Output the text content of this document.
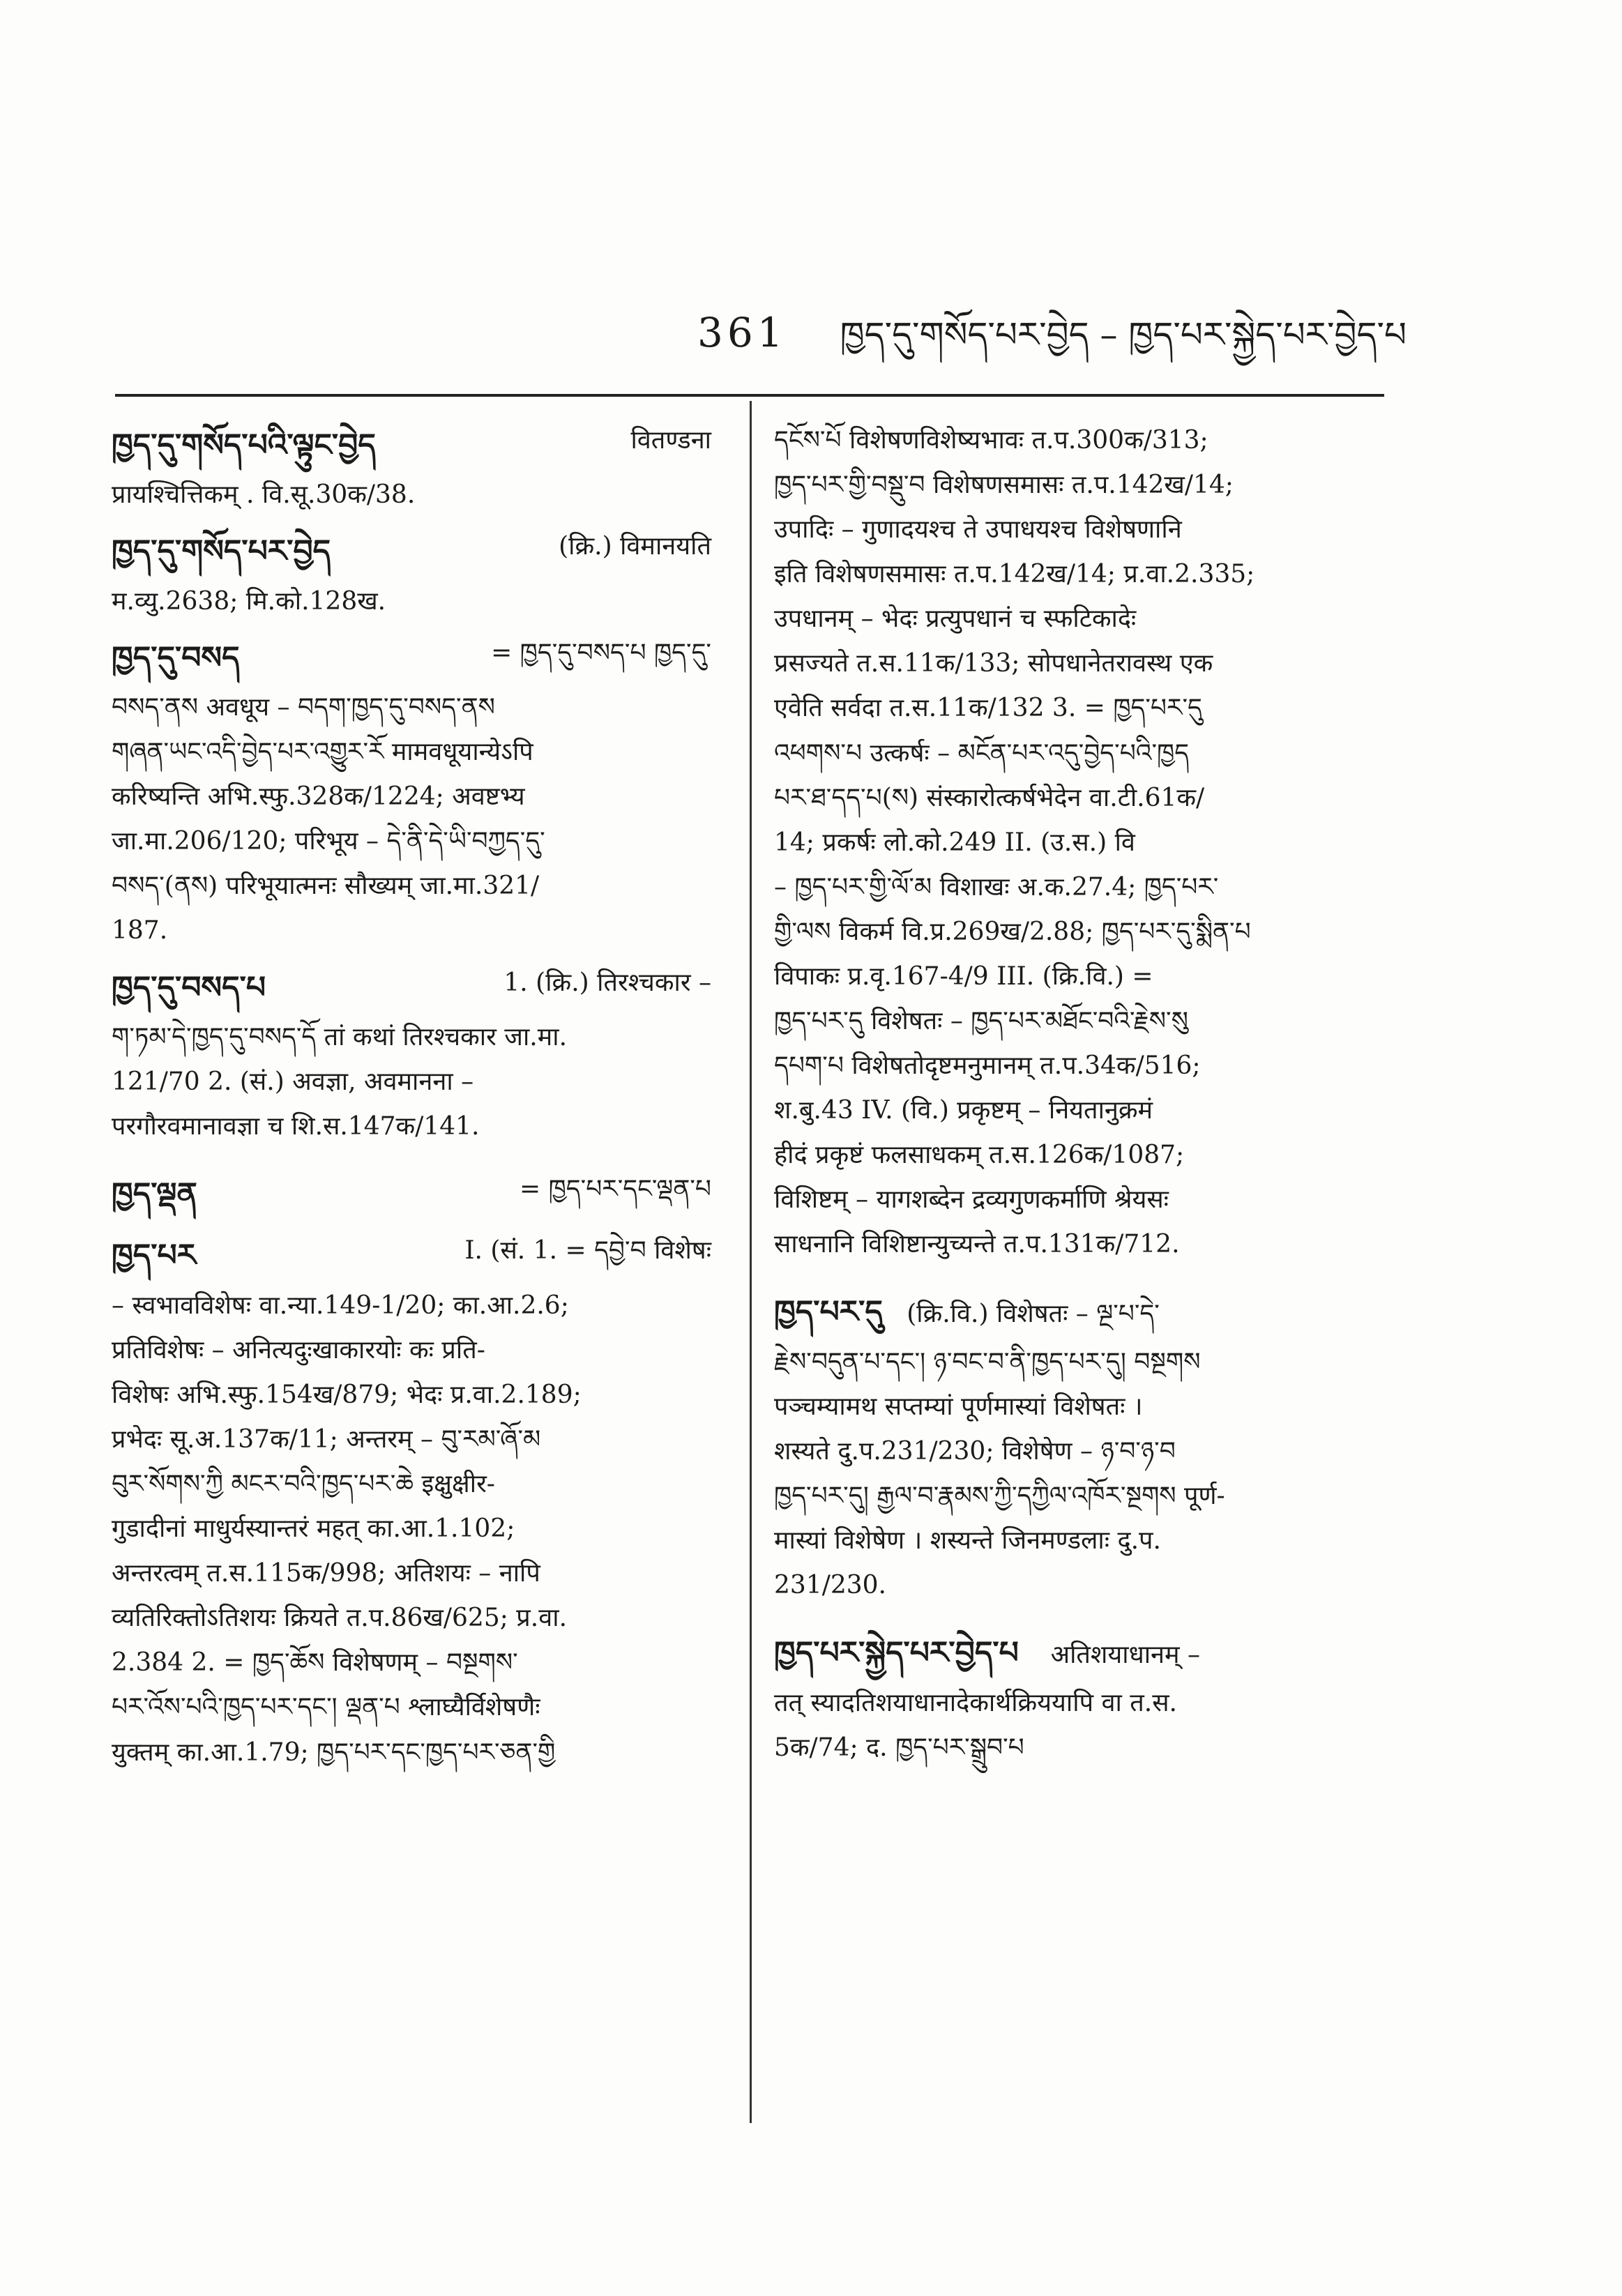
361 ཁྱད་དུ་གསོད་པར་བྱེད – ཁྱད་པར་སྐྱེད་པར་བྱེད་པ
ཁྱད་དུ་གསོད་པའི་ལྟུང་བྱེད	वितण्डना
प्रायश्चित्तिकम् . वि.सू.30क/38.
ཁྱད་དུ་གསོད་པར་བྱེད	(क्रि.) विमानयति
म.व्यु.2638; मि.को.128ख.
ཁྱད་དུ་བསད	= ཁྱད་དུ་བསད་པ ཁྱད་དུ་
བསད་ནས अवधूय – བདག་ཁྱད་དུ་བསད་ནས
གཞན་ཡང་འདི་བྱེད་པར་འགྱུར་རོ मामवधूयान्येऽपि
करिष्यन्ति अभि.स्फु.328क/1224; अवष्टभ्य
जा.मा.206/120; परिभूय – དེ་ནི་དེ་ཡི་བཀྱད་དུ་
བསད་(ནས) परिभूयात्मनः सौख्यम् जा.मा.321/
187.
ཁྱད་དུ་བསད་པ	1. (क्रि.) तिरश्चकार –
ག་ཏམ་དེ་ཁྱད་དུ་བསད་དོ तां कथां तिरश्चकार जा.मा.
121/70 2. (सं.) अवज्ञा, अवमानना –
परगौरवमानावज्ञा च शि.स.147क/141.
ཁྱད་ལྡན	= ཁྱད་པར་དང་ལྡན་པ
ཁྱད་པར	I. (सं. 1. = དབྱེ་བ विशेषः
– स्वभावविशेषः वा.न्या.149-1/20; का.आ.2.6;
प्रतिविशेषः – अनित्यदुःखाकारयोः कः प्रति-
विशेषः अभि.स्फु.154ख/879; भेदः प्र.वा.2.189;
प्रभेदः सू.अ.137क/11; अन्तरम् – བུ་རམ་ཞོ་མ
བུར་སོགས་ཀྱི མངར་བའི་ཁྱད་པར་ཆེ इक्षुक्षीर-
गुडादीनां माधुर्यस्यान्तरं महत् का.आ.1.102;
अन्तरत्वम् त.स.115क/998; अतिशयः – नापि
व्यतिरिक्तोऽतिशयः क्रियते त.प.86ख/625; प्र.वा.
2.384 2. = ཁྱད་ཆོས विशेषणम् – བསྔགས་
པར་འོས་པའི་ཁྱད་པར་དང་། ལྡན་པ श्लाघ्यैर्विशेषणैः
युक्तम् का.आ.1.79; ཁྱད་པར་དང་ཁྱད་པར་ཅན་གྱི
དངོས་པོ विशेषणविशेष्यभावः त.प.300क/313;
ཁྱད་པར་གྱི་བསྡུ་བ विशेषणसमासः त.प.142ख/14;
उपादिः – गुणादयश्च ते उपाधयश्च विशेषणानि
इति विशेषणसमासः त.प.142ख/14; प्र.वा.2.335;
उपधानम् – भेदः प्रत्युपधानं च स्फटिकादेः
प्रसज्यते त.स.11क/133; सोपधानेतरावस्थ एक
एवेति सर्वदा त.स.11क/132 3. = ཁྱད་པར་དུ
འཕགས་པ उत्कर्षः – མངོན་པར་འདུ་བྱེད་པའི་ཁྱད
པར་ཐ་དད་པ(ས) संस्कारोत्कर्षभेदेन वा.टी.61क/
14; प्रकर्षः लो.को.249 II. (उ.स.) वि
– ཁྱད་པར་གྱི་ལོ་མ विशाखः अ.क.27.4; ཁྱད་པར་
གྱི་ལས विकर्म वि.प्र.269ख/2.88; ཁྱད་པར་དུ་སྨིན་པ
विपाकः प्र.वृ.167-4/9 III. (क्रि.वि.) =
ཁྱད་པར་དུ विशेषतः – ཁྱད་པར་མཐོང་བའི་རྗེས་སུ
དཔག་པ विशेषतोदृष्टमनुमानम् त.प.34क/516;
श.बु.43 IV. (वि.) प्रकृष्टम् – नियतानुक्रमं
हीदं प्रकृष्टं फलसाधकम् त.स.126क/1087;
विशिष्टम् – यागशब्देन द्रव्यगुणकर्माणि श्रेयसः
साधनानि विशिष्टान्युच्यन्ते त.प.131क/712.
ཁྱད་པར་དུ (क्रि.वि.) विशेषतः – ལྔ་པ་དེ་
རྗེས་བདུན་པ་དང་། ཉ་བང་བ་ནི་ཁྱད་པར་དུ། བསྔགས
पञ्चम्यामथ सप्तम्यां पूर्णमास्यां विशेषतः ।
शस्यते दु.प.231/230; विशेषेण – ཉ་བ་ཉ་བ
ཁྱད་པར་དུ། རྒྱལ་བ་རྣམས་ཀྱི་དཀྱིལ་འཁོར་སྔགས पूर्ण-
मास्यां विशेषेण । शस्यन्ते जिनमण्डलाः दु.प.
231/230.
ཁྱད་པར་སྐྱེད་པར་བྱེད་པ अतिशयाधानम् –
तत् स्यादतिशयाधानादेकार्थक्रिययापि वा त.स.
5क/74; द. ཁྱད་པར་སྒྲུབ་པ
